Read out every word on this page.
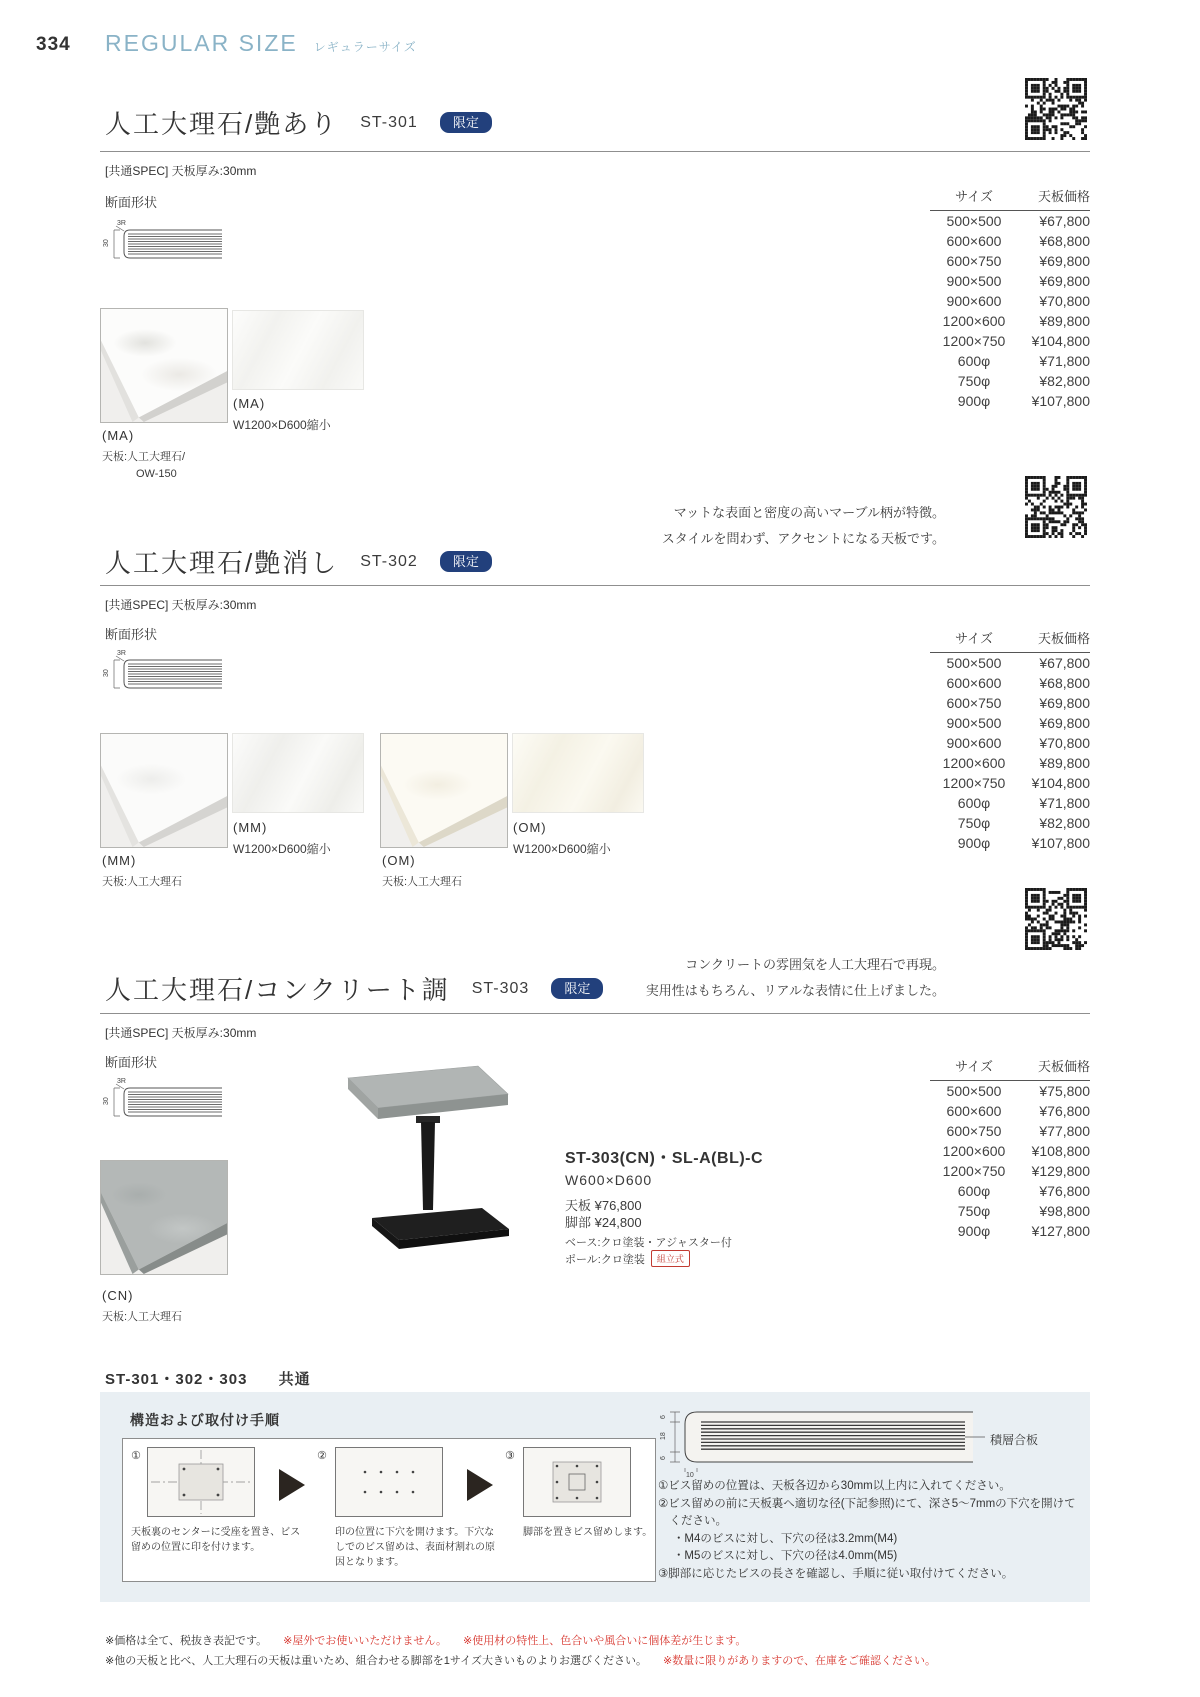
334 REGULAR SIZE レギュラーサイズ
人工大理石/艶あり ST-301	限定
[共通SPEC] 天板厚み:30mm
断面形状
3R
30
(MA)
天板:人工大理石/
OW-150
(MA)
W1200×D600縮小
サイズ	天板価格
500×500	¥67,800
600×600	¥68,800
600×750	¥69,800
900×500	¥69,800
900×600	¥70,800
1200×600	¥89,800
1200×750	¥104,800
600φ	¥71,800
750φ	¥82,800
900φ	¥107,800
マットな表面と密度の高いマーブル柄が特徴。
スタイルを問わず、アクセントになる天板です。
人工大理石/艶消し ST-302	限定
[共通SPEC] 天板厚み:30mm
断面形状
3R
30
(MM)
W1200×D600縮小
(MM)
天板:人工大理石
(OM)
W1200×D600縮小
(OM)
天板:人工大理石
サイズ	天板価格
500×500	¥67,800
600×600	¥68,800
600×750	¥69,800
900×500	¥69,800
900×600	¥70,800
1200×600	¥89,800
1200×750	¥104,800
600φ	¥71,800
750φ	¥82,800
900φ	¥107,800
コンクリートの雰囲気を人工大理石で再現。
実用性はもちろん、リアルな表情に仕上げました。
人工大理石/コンクリート調 ST-303	限定
[共通SPEC] 天板厚み:30mm
断面形状
3R
30
(CN)
天板:人工大理石
ST-303(CN)・SL-A(BL)-C
W600×D600
天板 ¥76,800
脚部 ¥24,800
ベース:クロ塗装・アジャスター付
ポール:クロ塗装 組立式
サイズ	天板価格
500×500	¥75,800
600×600	¥76,800
600×750	¥77,800
1200×600	¥108,800
1200×750	¥129,800
600φ	¥76,800
750φ	¥98,800
900φ	¥127,800
ST-301・302・303 共通
構造および取付け手順
①	②	③
天板裏のセンターに受座を置き、ビス留めの位置に印を付けます。
印の位置に下穴を開けます。下穴なしでのビス留めは、表面材割れの原因となります。
脚部を置きビス留めします。
6
18
6
10
積層合板
①ビス留めの位置は、天板各辺から30mm以上内に入れてください。
②ビス留めの前に天板裏へ適切な径(下記参照)にて、深さ5〜7mmの下穴を開けてください。
・M4のビスに対し、下穴の径は3.2mm(M4)
・M5のビスに対し、下穴の径は4.0mm(M5)
③脚部に応じたビスの長さを確認し、手順に従い取付けてください。
※価格は全て、税抜き表記です。 ※屋外でお使いいただけません。 ※使用材の特性上、色合いや風合いに個体差が生じます。
※他の天板と比べ、人工大理石の天板は重いため、組合わせる脚部を1サイズ大きいものよりお選びください。 ※数量に限りがありますので、在庫をご確認ください。
